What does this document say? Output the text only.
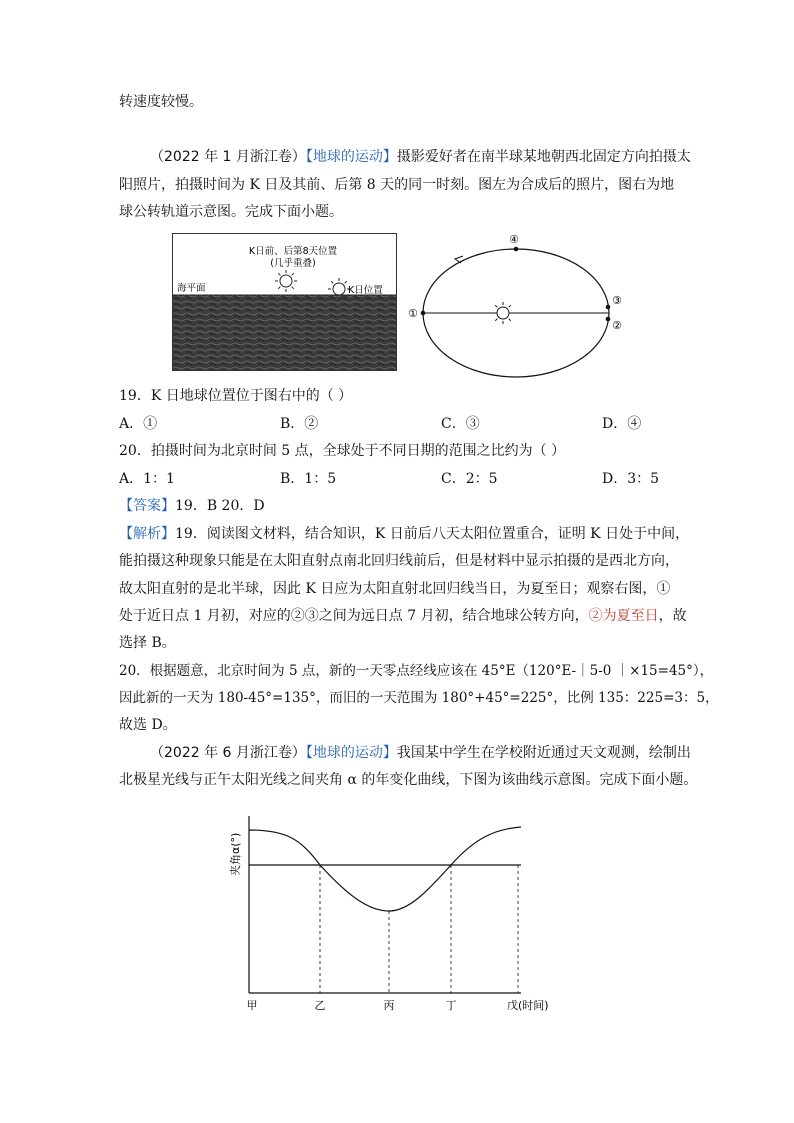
转速度较慢。
（2022 年 1 月浙江卷）【地球的运动】摄影爱好者在南半球某地朝西北固定方向拍摄太
阳照片，拍摄时间为 K 日及其前、后第 8 天的同一时刻。图左为合成后的照片，图右为地
球公转轨道示意图。完成下面小题。
K日前、后第8天位置
(几乎重叠)
海平面	K日位置
①
④
③
②
19．K 日地球位置位于图右中的（ ）
A．①	B．②	C．③	D．④
20．拍摄时间为北京时间 5 点，全球处于不同日期的范围之比约为（ ）
A．1：1	B．1：5	C．2：5	D．3：5
【答案】19．B 20．D
【解析】19．阅读图文材料，结合知识，K 日前后八天太阳位置重合，证明 K 日处于中间，
能拍摄这种现象只能是在太阳直射点南北回归线前后，但是材料中显示拍摄的是西北方向，
故太阳直射的是北半球，因此 K 日应为太阳直射北回归线当日，为夏至日；观察右图，①
处于近日点 1 月初，对应的②③之间为远日点 7 月初，结合地球公转方向，②为夏至日，故
选择 B。
20．根据题意，北京时间为 5 点，新的一天零点经线应该在 45°E（120°E-｜5-0 ｜×15=45°），
因此新的一天为 180-45°=135°，而旧的一天范围为 180°+45°=225°，比例 135：225=3：5，
故选 D。
（2022 年 6 月浙江卷）【地球的运动】我国某中学生在学校附近通过天文观测，绘制出
北极星光线与正午太阳光线之间夹角 α 的年变化曲线，下图为该曲线示意图。完成下面小题。
夹角α(°)
甲	乙	丙	丁	戊(时间)
